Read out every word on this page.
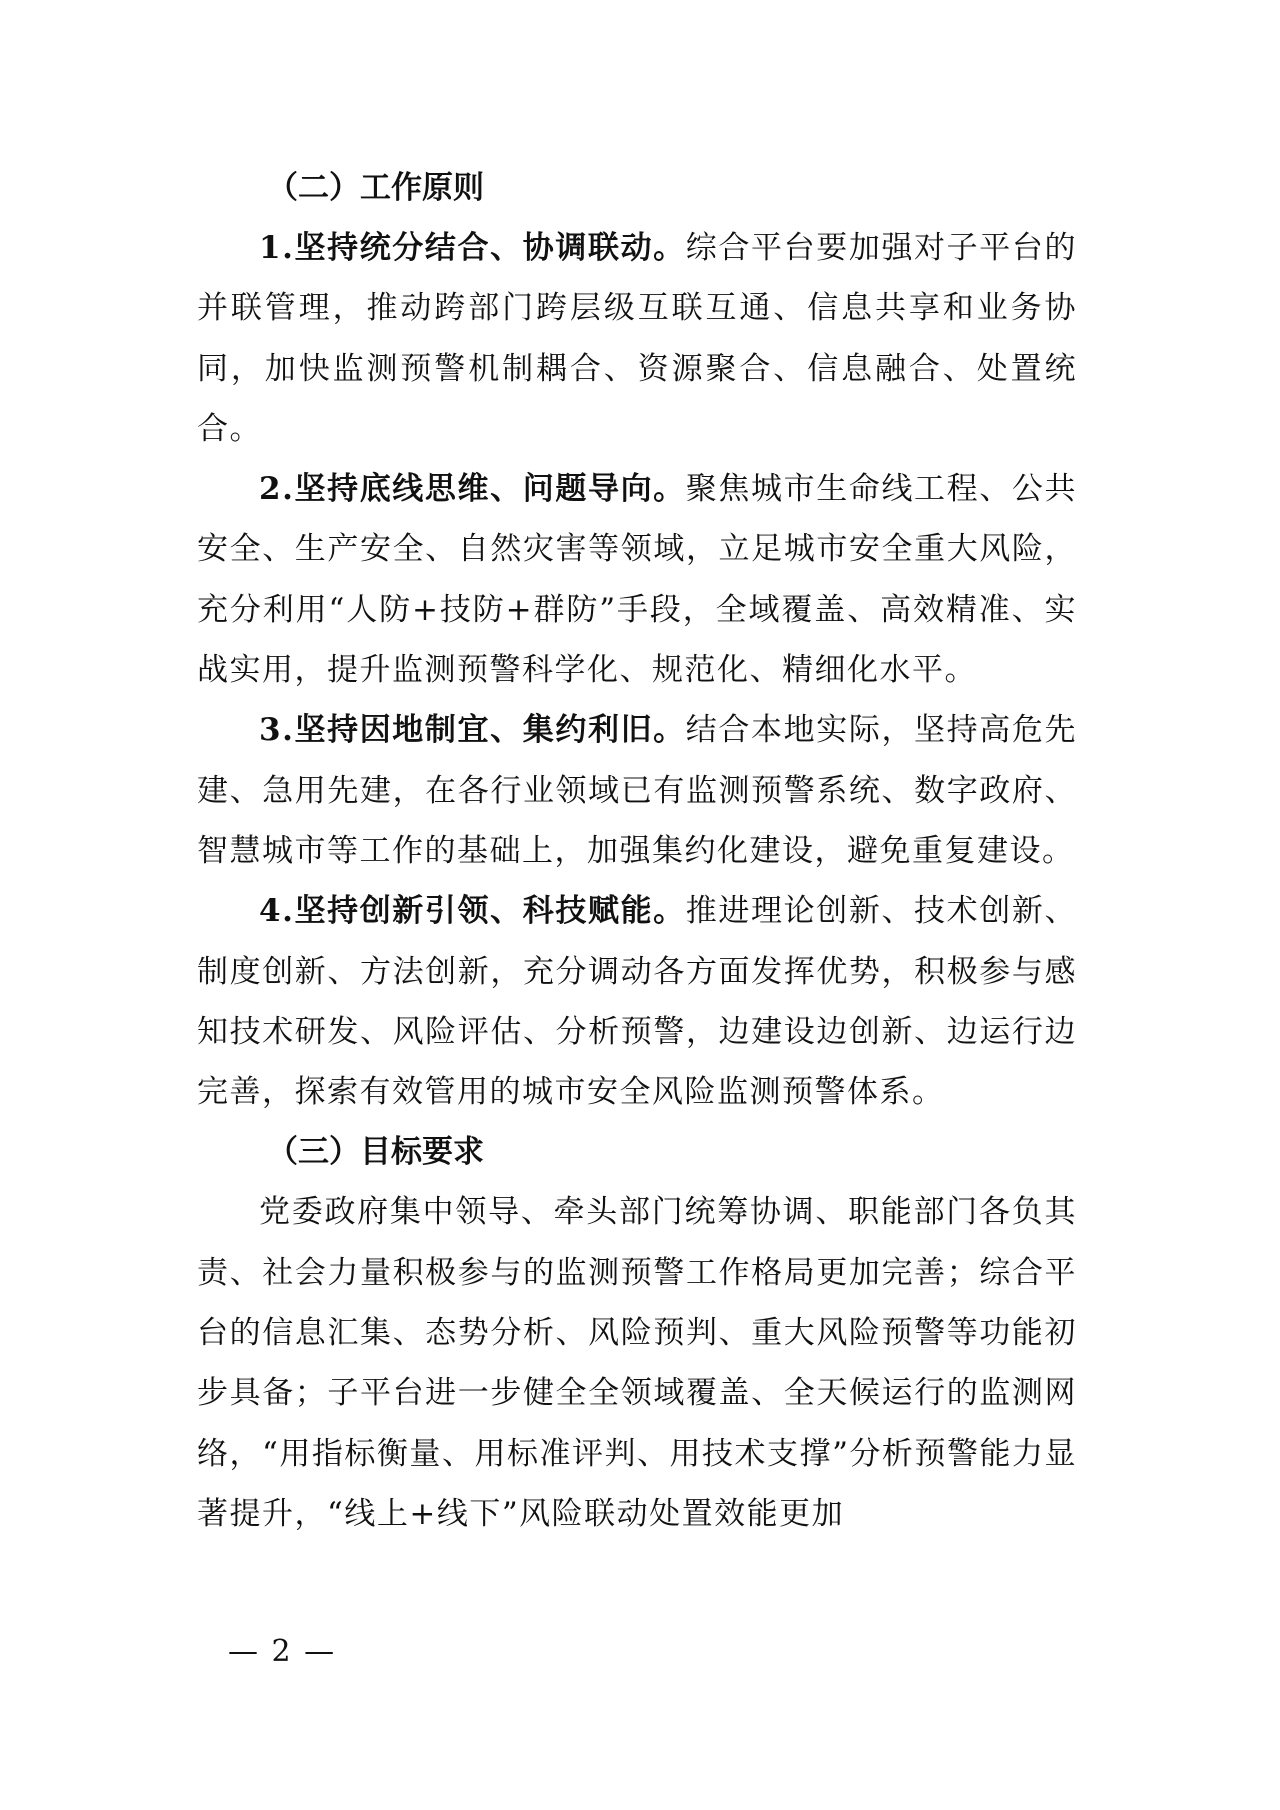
（二）工作原则

1.坚持统分结合、协调联动。综合平台要加强对子平台的并联管理，推动跨部门跨层级互联互通、信息共享和业务协同，加快监测预警机制耦合、资源聚合、信息融合、处置统合。

2.坚持底线思维、问题导向。聚焦城市生命线工程、公共安全、生产安全、自然灾害等领域，立足城市安全重大风险，充分利用“人防+技防+群防”手段，全域覆盖、高效精准、实战实用，提升监测预警科学化、规范化、精细化水平。

3.坚持因地制宜、集约利旧。结合本地实际，坚持高危先建、急用先建，在各行业领域已有监测预警系统、数字政府、智慧城市等工作的基础上，加强集约化建设，避免重复建设。

4.坚持创新引领、科技赋能。推进理论创新、技术创新、制度创新、方法创新，充分调动各方面发挥优势，积极参与感知技术研发、风险评估、分析预警，边建设边创新、边运行边完善，探索有效管用的城市安全风险监测预警体系。

（三）目标要求

党委政府集中领导、牵头部门统筹协调、职能部门各负其责、社会力量积极参与的监测预警工作格局更加完善；综合平台的信息汇集、态势分析、风险预判、重大风险预警等功能初步具备；子平台进一步健全全领域覆盖、全天候运行的监测网络，“用指标衡量、用标准评判、用技术支撑”分析预警能力显著提升，“线上+线下”风险联动处置效能更加

— 2 —
